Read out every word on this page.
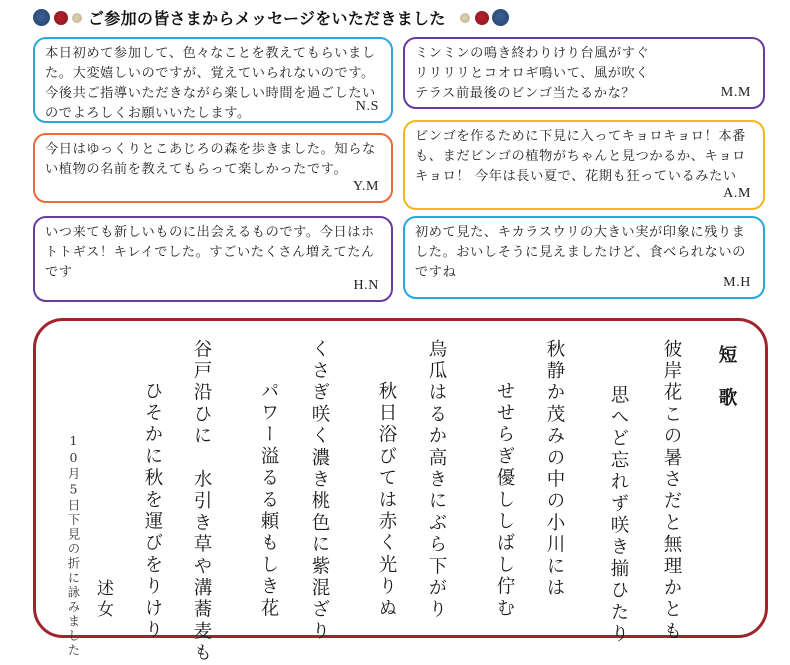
ご参加の皆さまからメッセージをいただきました
本日初めて参加して、色々なことを教えてもらいました。大変嬉しいのですが、覚えていられないのです。今後共ご指導いただきながら楽しい時間を過ごしたいのでよろしくお願いいたします。	N.S
今日はゆっくりとこあじろの森を歩きました。知らない植物の名前を教えてもらって楽しかったです。
Y.M
いつ来ても新しいものに出会えるものです。今日はホトトギス！キレイでした。すごいたくさん増えてたんです
H.N
ミンミンの鳴き終わりけり台風がすぐ
リリリリとコオロギ鳴いて、風が吹く
テラス前最後のビンゴ当たるかな？	M.M
ビンゴを作るために下見に入ってキョロキョロ！本番も、まだビンゴの植物がちゃんと見つかるか、キョロキョロ！ 今年は長い夏で、花期も狂っているみたい
A.M
初めて見た、キカラスウリの大きい実が印象に残りました。おいしそうに見えましたけど、食べられないのですね
M.H
短歌
彼岸花この暑さだと無理かとも
思へど忘れず咲き揃ひたり
秋静か茂みの中の小川には
せせらぎ優ししばし佇む
烏瓜はるか高きにぶら下がり
秋日浴びては赤く光りぬ
くさぎ咲く濃き桃色に紫混ざり
パワー溢るる頼もしき花
谷戸沿ひに　水引き草や溝蕎麦も
ひそかに秋を運びをりけり
述女
10月5日下見の折に詠みました
